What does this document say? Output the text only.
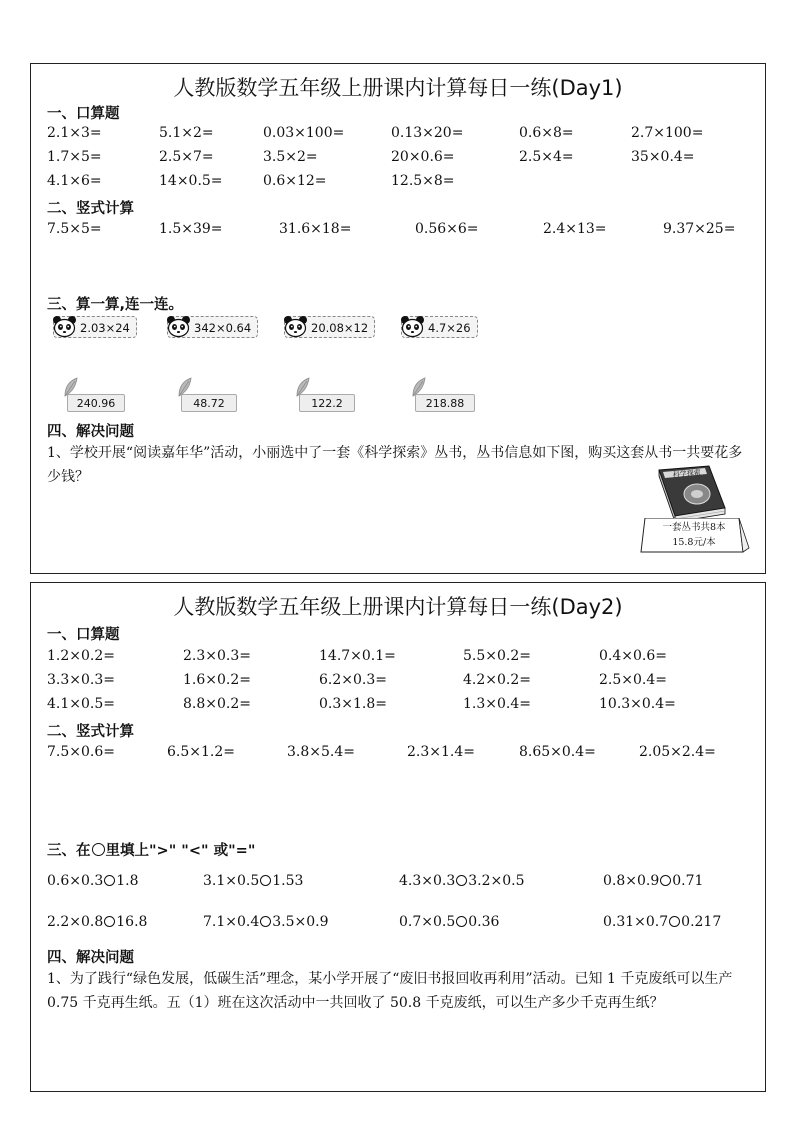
人教版数学五年级上册课内计算每日一练(Day1)
一、口算题
2.1×3=	5.1×2=	0.03×100=	0.13×20=	0.6×8=	2.7×100=
1.7×5=	2.5×7=	3.5×2=	20×0.6=	2.5×4=	35×0.4=
4.1×6=	14×0.5=	0.6×12=	12.5×8=
二、竖式计算
7.5×5=	1.5×39=	31.6×18=	0.56×6=	2.4×13=	9.37×25=
三、算一算,连一连。
2.03×24	342×0.64	20.08×12	4.7×26
240.96	48.72	122.2	218.88
四、解决问题
1、学校开展“阅读嘉年华”活动，小丽选中了一套《科学探索》丛书，丛书信息如下图，购买这套从书一共要花多少钱？	科学探索
一套丛书共8本
15.8元/本
人教版数学五年级上册课内计算每日一练(Day2)
一、口算题
1.2×0.2=	2.3×0.3=	14.7×0.1=	5.5×0.2=	0.4×0.6=
3.3×0.3=	1.6×0.2=	6.2×0.3=	4.2×0.2=	2.5×0.4=
4.1×0.5=	8.8×0.2=	0.3×1.8=	1.3×0.4=	10.3×0.4=
二、竖式计算
7.5×0.6=	6.5×1.2=	3.8×5.4=	2.3×1.4=	8.65×0.4=	2.05×2.4=
三、在 里填上">" "<" 或"="
0.6×0.3 1.8	3.1×0.5 1.53	4.3×0.3 3.2×0.5	0.8×0.9 0.71
2.2×0.8 16.8	7.1×0.4 3.5×0.9	0.7×0.5 0.36	0.31×0.7 0.217
四、解决问题
1、为了践行“绿色发展，低碳生活”理念，某小学开展了“废旧书报回收再利用”活动。已知 1 千克废纸可以生产 0.75 千克再生纸。五（1）班在这次活动中一共回收了 50.8 千克废纸，可以生产多少千克再生纸？
